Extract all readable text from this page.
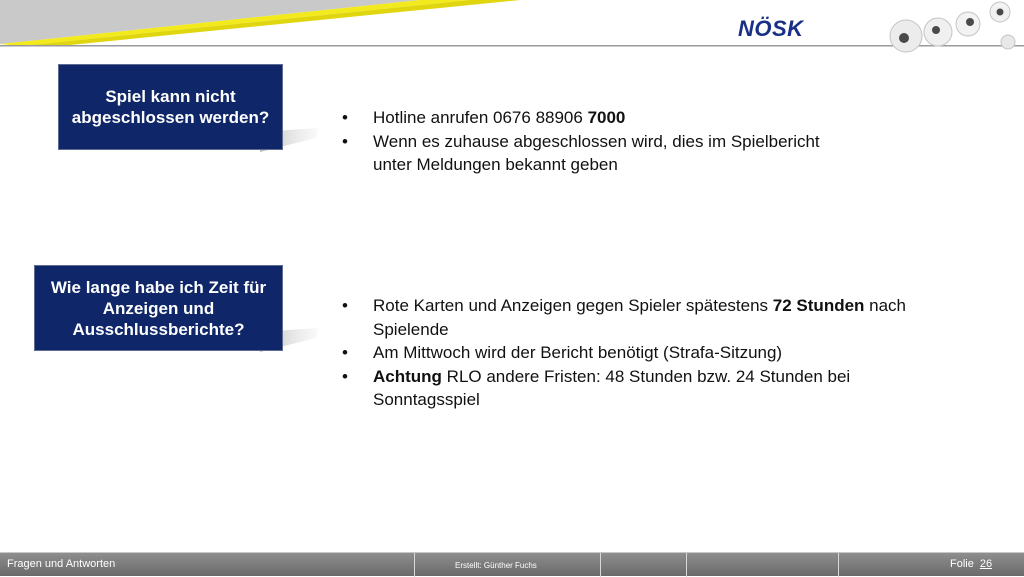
NÖSK
Spiel kann nicht abgeschlossen werden?	• Hotline anrufen 0676 88906 7000
• Wenn es zuhause abgeschlossen wird, dies im Spielbericht unter Meldungen bekannt geben
Wie lange habe ich Zeit für Anzeigen und Ausschlussberichte?
• Rote Karten und Anzeigen gegen Spieler spätestens 72 Stunden nach Spielende
• Am Mittwoch wird der Bericht benötigt (Strafa-Sitzung)
• Achtung RLO andere Fristen: 48 Stunden bzw. 24 Stunden bei Sonntagsspiel
Fragen und Antworten	Erstellt: Günther Fuchs	Folie 26
